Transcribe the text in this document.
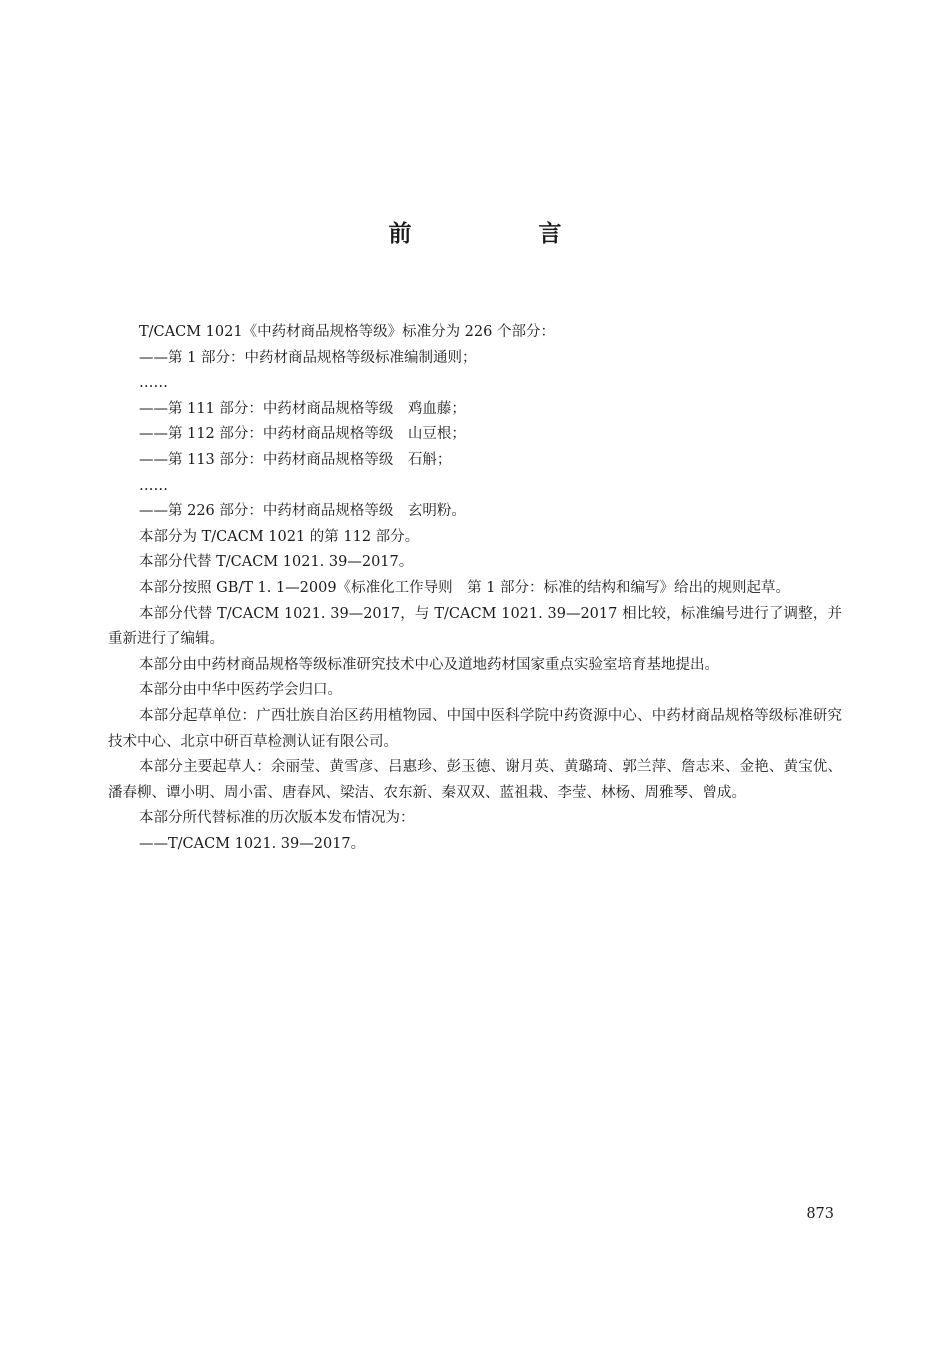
前　言

T/CACM 1021《中药材商品规格等级》标准分为 226 个部分：

——第 1 部分：中药材商品规格等级标准编制通则；

……

——第 111 部分：中药材商品规格等级　鸡血藤；

——第 112 部分：中药材商品规格等级　山豆根；

——第 113 部分：中药材商品规格等级　石斛；

……

——第 226 部分：中药材商品规格等级　玄明粉。

本部分为 T/CACM 1021 的第 112 部分。

本部分代替 T/CACM 1021. 39—2017。

本部分按照 GB/T 1. 1—2009《标准化工作导则　第 1 部分：标准的结构和编写》给出的规则起草。

本部分代替 T/CACM 1021. 39—2017，与 T/CACM 1021. 39—2017 相比较，标准编号进行了调整，并重新进行了编辑。

本部分由中药材商品规格等级标准研究技术中心及道地药材国家重点实验室培育基地提出。

本部分由中华中医药学会归口。

本部分起草单位：广西壮族自治区药用植物园、中国中医科学院中药资源中心、中药材商品规格等级标准研究技术中心、北京中研百草检测认证有限公司。

本部分主要起草人：余丽莹、黄雪彦、吕惠珍、彭玉德、谢月英、黄璐琦、郭兰萍、詹志来、金艳、黄宝优、潘春柳、谭小明、周小雷、唐春风、梁洁、农东新、秦双双、蓝祖栽、李莹、林杨、周雅琴、曾成。

本部分所代替标准的历次版本发布情况为：

——T/CACM 1021. 39—2017。

873
